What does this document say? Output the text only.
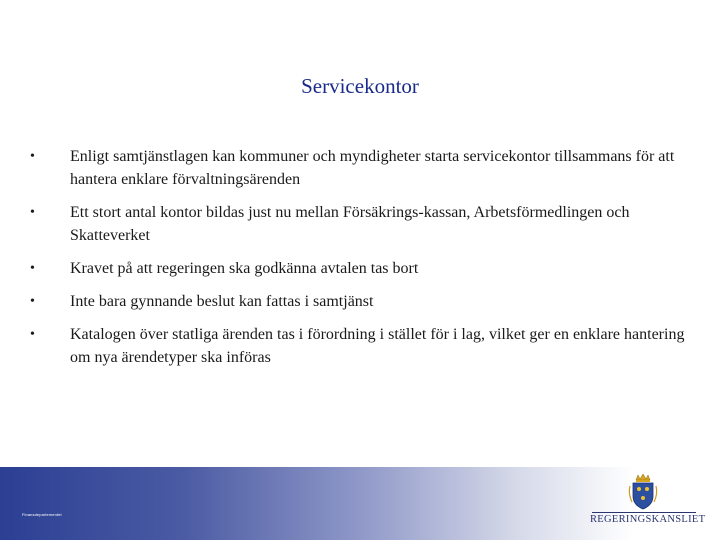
Servicekontor
•	Enligt samtjänstlagen kan kommuner och myndigheter starta servicekontor tillsammans för att hantera enklare förvaltningsärenden
•	Ett stort antal kontor bildas just nu mellan Försäkrings-kassan, Arbetsförmedlingen och Skatteverket
•	Kravet på att regeringen ska godkänna avtalen tas bort
•	Inte bara gynnande beslut kan fattas i samtjänst
•	Katalogen över statliga ärenden tas i förordning i stället för i lag, vilket ger en enklare hantering om nya ärendetyper ska införas
Finansdepartementet	REGERINGSKANSLIET
